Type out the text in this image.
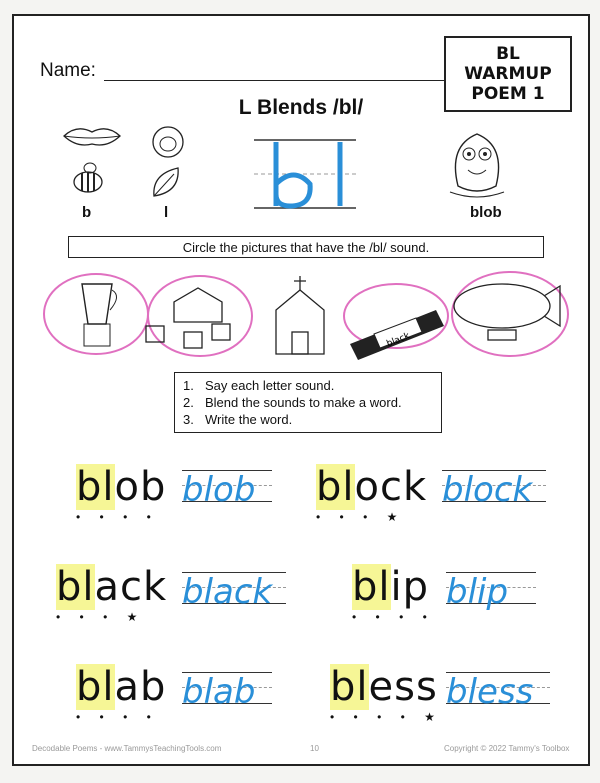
Name:
BL
WARMUP
POEM 1
L Blends /bl/
b	l	blob
Circle the pictures that have the /bl/ sound.
black
1. Say each letter sound.
2. Blend the sounds to make a word.
3. Write the word.
blob
• • • •
blob block
• • • ★
block
black
• • • ★
black blip
• • • •
blip
blab
• • • •
blab bless
• • • • ★
bless
Decodable Poems - www.TammysTeachingTools.com	10	Copyright © 2022 Tammy's Toolbox
